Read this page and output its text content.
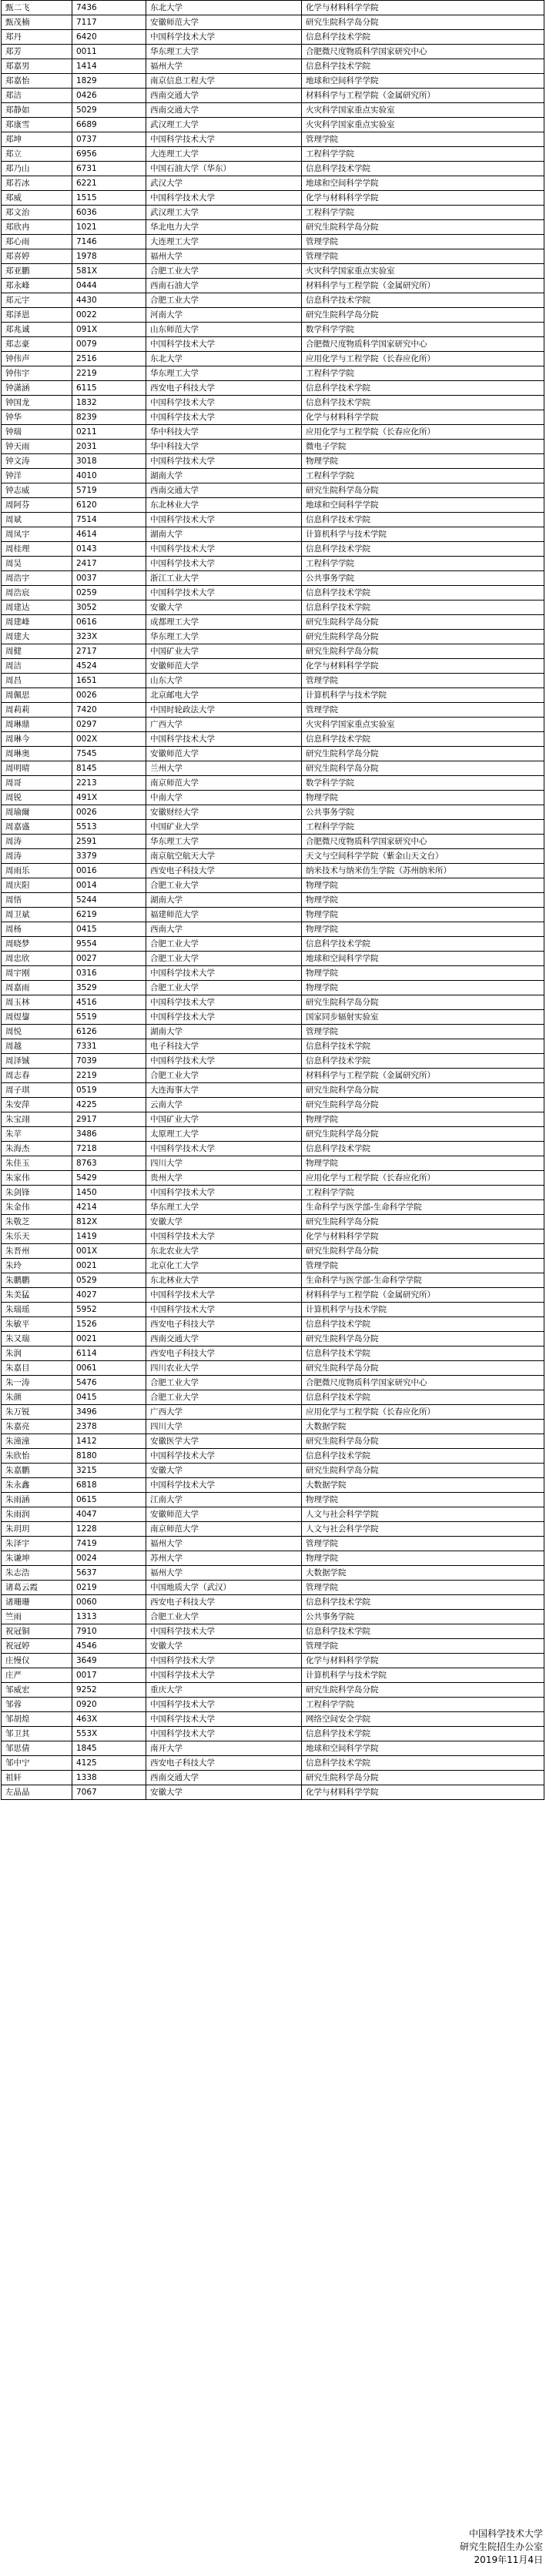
甄二飞	7436	东北大学	化学与材料科学学院
甄茂楠	7117	安徽师范大学	研究生院科学岛分院
郑丹	6420	中国科学技术大学	信息科学技术学院
郑芳	0011	华东理工大学	合肥微尺度物质科学国家研究中心
郑嘉男	1414	福州大学	信息科学技术学院
郑嘉怡	1829	南京信息工程大学	地球和空间科学学院
郑洁	0426	西南交通大学	材料科学与工程学院（金属研究所）
郑静如	5029	西南交通大学	火灾科学国家重点实验室
郑康雪	6689	武汉理工大学	火灾科学国家重点实验室
郑坤	0737	中国科学技术大学	管理学院
郑立	6956	大连理工大学	工程科学学院
郑乃山	6731	中国石油大学（华东）	信息科学技术学院
郑若冰	6221	武汉大学	地球和空间科学学院
郑威	1515	中国科学技术大学	化学与材料科学学院
郑文治	6036	武汉理工大学	工程科学学院
郑欣冉	1021	华北电力大学	研究生院科学岛分院
郑心雨	7146	大连理工大学	管理学院
郑喜婷	1978	福州大学	管理学院
郑亚鹏	581X	合肥工业大学	火灾科学国家重点实验室
郑永峰	0444	西南石油大学	材料科学与工程学院（金属研究所）
郑元宇	4430	合肥工业大学	信息科学技术学院
郑泽恩	0022	河南大学	研究生院科学岛分院
郑兆诚	091X	山东师范大学	数学科学学院
郑志豪	0079	中国科学技术大学	合肥微尺度物质科学国家研究中心
钟伟声	2516	东北大学	应用化学与工程学院（长春应化所）
钟伟宇	2219	华东理工大学	工程科学学院
钟潇涵	6115	西安电子科技大学	信息科学技术学院
钟国龙	1832	中国科学技术大学	信息科学技术学院
钟华	8239	中国科学技术大学	化学与材料科学学院
钟瑞	0211	华中科技大学	应用化学与工程学院（长春应化所）
钟天雨	2031	华中科技大学	微电子学院
钟文涛	3018	中国科学技术大学	物理学院
钟洋	4010	湖南大学	工程科学学院
钟志威	5719	西南交通大学	研究生院科学岛分院
周阿芬	6120	东北林业大学	地球和空间科学学院
周斌	7514	中国科学技术大学	信息科学技术学院
周凤宇	4614	湖南大学	计算机科学与技术学院
周桂理	0143	中国科学技术大学	信息科学技术学院
周昊	2417	中国科学技术大学	工程科学学院
周浩宇	0037	浙江工业大学	公共事务学院
周浩宸	0259	中国科学技术大学	信息科学技术学院
周建达	3052	安徽大学	信息科学技术学院
周建峰	0616	成都理工大学	研究生院科学岛分院
周建大	323X	华东理工大学	研究生院科学岛分院
周健	2717	中国矿业大学	研究生院科学岛分院
周洁	4524	安徽师范大学	化学与材料科学学院
周昌	1651	山东大学	管理学院
周佩思	0026	北京邮电大学	计算机科学与技术学院
周莉莉	7420	中国时轮政法大学	管理学院
周琳鼎	0297	广西大学	火灾科学国家重点实验室
周琳今	002X	中国科学技术大学	信息科学技术学院
周琳奥	7545	安徽师范大学	研究生院科学岛分院
周明晴	8145	兰州大学	研究生院科学岛分院
周哥	2213	南京师范大学	数学科学学院
周锐	491X	中南大学	物理学院
周瑜爾	0026	安徽财经大学	公共事务学院
周嘉盛	5513	中国矿业大学	工程科学学院
周涛	2591	华东理工大学	合肥微尺度物质科学国家研究中心
周涛	3379	南京航空航天大学	天文与空间科学学院（紫金山天文台）
周雨乐	0016	西安电子科技大学	纳米技术与纳米仿生学院（苏州纳米所）
周庆阳	0014	合肥工业大学	物理学院
周悟	5244	湖南大学	物理学院
周卫斌	6219	福建师范大学	物理学院
周杨	0415	西南大学	物理学院
周晓梦	9554	合肥工业大学	信息科学技术学院
周忠欣	0027	合肥工业大学	地球和空间科学学院
周宇刚	0316	中国科学技术大学	物理学院
周嘉雨	3529	合肥工业大学	物理学院
周玉林	4516	中国科学技术大学	研究生院科学岛分院
周煜鋆	5519	中国科学技术大学	国家同步辐射实验室
周悦	6126	湖南大学	管理学院
周越	7331	电子科技大学	信息科学技术学院
周泽铖	7039	中国科学技术大学	信息科学技术学院
周志春	2219	合肥工业大学	材料科学与工程学院（金属研究所）
周子琪	0519	大连海事大学	研究生院科学岛分院
朱安萍	4225	云南大学	研究生院科学岛分院
朱宝翊	2917	中国矿业大学	物理学院
朱苹	3486	太原理工大学	研究生院科学岛分院
朱海杰	7218	中国科学技术大学	信息科学技术学院
朱佳玉	8763	四川大学	物理学院
朱家伟	5429	贵州大学	应用化学与工程学院（长春应化所）
朱剑锋	1450	中国科学技术大学	工程科学学院
朱金伟	4214	华东理工大学	生命科学与医学部-生命科学学院
朱敬芝	812X	安徽大学	研究生院科学岛分院
朱乐天	1419	中国科学技术大学	化学与材料科学学院
朱晋州	001X	东北农业大学	研究生院科学岛分院
朱玲	0021	北京化工大学	管理学院
朱鹏鹏	0529	东北林业大学	生命科学与医学部-生命科学学院
朱美猛	4027	中国科学技术大学	材料科学与工程学院（金属研究所）
朱瑞瑶	5952	中国科学技术大学	计算机科学与技术学院
朱敏平	1526	西安电子科技大学	信息科学技术学院
朱又瑞	0021	西南交通大学	研究生院科学岛分院
朱润	6114	西安电子科技大学	信息科学技术学院
朱嘉目	0061	四川农业大学	研究生院科学岛分院
朱一涛	5476	合肥工业大学	合肥微尺度物质科学国家研究中心
朱颜	0415	合肥工业大学	信息科学技术学院
朱万锐	3496	广西大学	应用化学与工程学院（长春应化所）
朱嘉亮	2378	四川大学	大数据学院
朱潼潼	1412	安徽医学大学	研究生院科学岛分院
朱欣怡	8180	中国科学技术大学	信息科学技术学院
朱嘉鹏	3215	安徽大学	研究生院科学岛分院
朱永鑫	6818	中国科学技术大学	大数据学院
朱雨涵	0615	江南大学	物理学院
朱雨润	4047	安徽师范大学	人文与社会科学学院
朱玥玥	1228	南京师范大学	人文与社会科学学院
朱泽宇	7419	福州大学	管理学院
朱谦坤	0024	苏州大学	物理学院
朱志浩	5637	福州大学	大数据学院
诸葛云霞	0219	中国地质大学（武汉）	管理学院
诸珊珊	0060	西安电子科技大学	信息科学技术学院
竺雨	1313	合肥工业大学	公共事务学院
祝冠铜	7910	中国科学技术大学	信息科学技术学院
祝冠婷	4546	安徽大学	管理学院
庄慢仅	3649	中国科学技术大学	化学与材料科学学院
庄严	0017	中国科学技术大学	计算机科学与技术学院
邹威宏	9252	重庆大学	研究生院科学岛分院
邹蓉	0920	中国科学技术大学	工程科学学院
邹胡煌	463X	中国科学技术大学	网络空间安全学院
邹卫其	553X	中国科学技术大学	信息科学技术学院
邹思倩	1845	南开大学	地球和空间科学学院
邹中宁	4125	西安电子科技大学	信息科学技术学院
祖轩	1338	西南交通大学	研究生院科学岛分院
左晶晶	7067	安徽大学	化学与材料科学学院
中国科学技术大学
研究生院招生办公室
2019年11月4日
